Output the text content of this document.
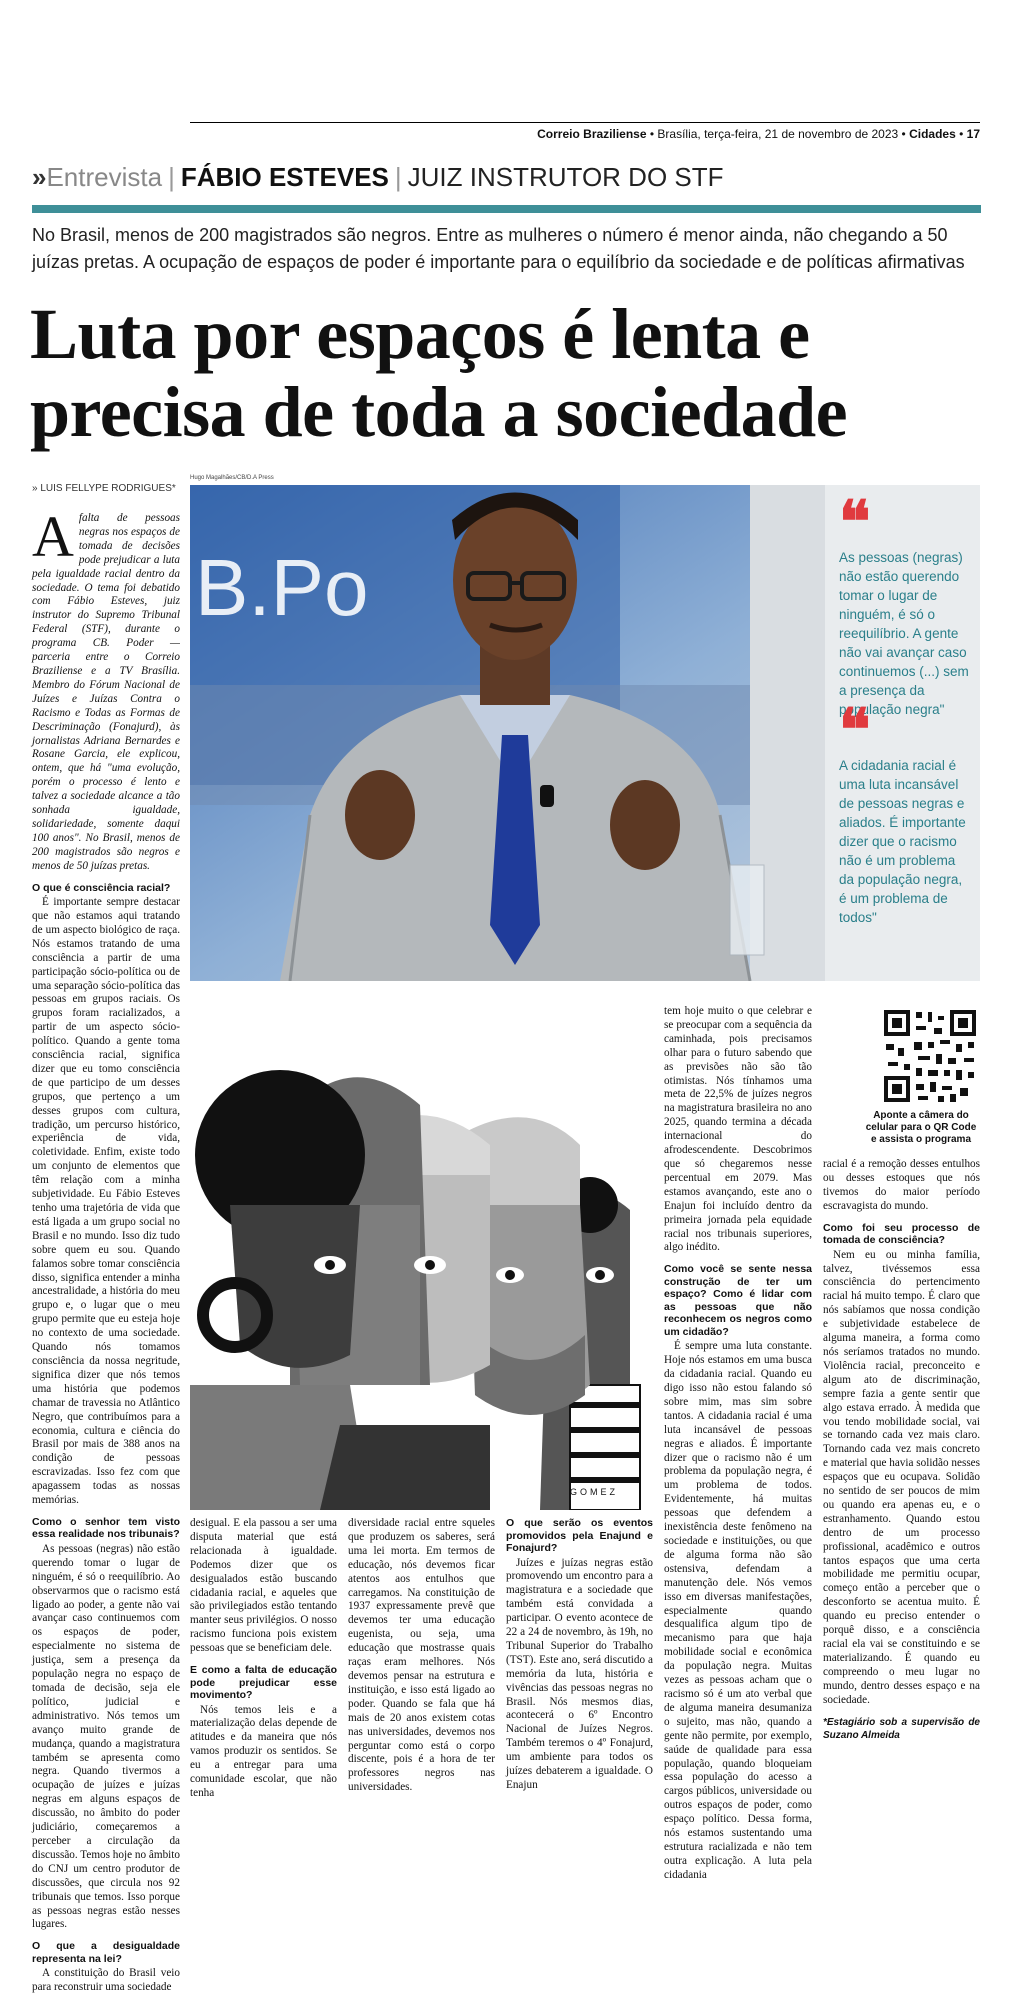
Correio Braziliense • Brasília, terça-feira, 21 de novembro de 2023 • Cidades • 17
»Entrevista | FÁBIO ESTEVES | JUIZ INSTRUTOR DO STF
No Brasil, menos de 200 magistrados são negros. Entre as mulheres o número é menor ainda, não chegando a 50 juízas pretas. A ocupação de espaços de poder é importante para o equilíbrio da sociedade e de políticas afirmativas
Luta por espaços é lenta e precisa de toda a sociedade
» LUIS FELLYPE RODRIGUES*
Hugo Magalhães/CB/D.A Press
B.Po
❛❛
As pessoas (negras) não estão querendo tomar o lugar de ninguém, é só o reequilíbrio. A gente não vai avançar caso continuemos (...) sem a presença da população negra"
❛❛
A cidadania racial é uma luta incansável de pessoas negras e aliados. É importante dizer que o racismo não é um problema da população negra, é um problema de todos"

Afalta de pessoas negras nos espaços de tomada de decisões pode prejudicar a luta pela igualdade racial dentro da sociedade. O tema foi debatido com Fábio Esteves, juiz instrutor do Supremo Tribunal Federal (STF), durante o programa CB. Poder — parceria entre o Correio Braziliense e a TV Brasília. Membro do Fórum Nacional de Juízes e Juízas Contra o Racismo e Todas as Formas de Descriminação (Fonajurd), às jornalistas Adriana Bernardes e Rosane Garcia, ele explicou, ontem, que há "uma evolução, porém o processo é lento e talvez a sociedade alcance a tão sonhada igualdade, solidariedade, somente daqui 100 anos". No Brasil, menos de 200 magistrados são negros e menos de 50 juízas pretas.

O que é consciência racial?

É importante sempre destacar que não estamos aqui tratando de um aspecto biológico de raça. Nós estamos tratando de uma consciência a partir de uma participação sócio-política ou de uma separação sócio-política das pessoas em grupos raciais. Os grupos foram racializados, a partir de um aspecto sócio-político. Quando a gente toma consciência racial, significa dizer que eu tomo consciência de que participo de um desses grupos, que pertenço a um desses grupos com cultura, tradição, um percurso histórico, experiência de vida, coletividade. Enfim, existe todo um conjunto de elementos que têm relação com a minha subjetividade. Eu Fábio Esteves tenho uma trajetória de vida que está ligada a um grupo social no Brasil e no mundo. Isso diz tudo sobre quem eu sou. Quando falamos sobre tomar consciência disso, significa entender a minha ancestralidade, a história do meu grupo e, o lugar que o meu grupo permite que eu esteja hoje no contexto de uma sociedade. Quando nós tomamos consciência da nossa negritude, significa dizer que nós temos uma história que podemos chamar de travessia no Atlântico Negro, que contribuímos para a economia, cultura e ciência do Brasil por mais de 388 anos na condição de pessoas escravizadas. Isso fez com que apagassem todas as nossas memórias.

Como o senhor tem visto essa realidade nos tribunais?

As pessoas (negras) não estão querendo tomar o lugar de ninguém, é só o reequilíbrio. Ao observarmos que o racismo está ligado ao poder, a gente não vai avançar caso continuemos com os espaços de poder, especialmente no sistema de justiça, sem a presença da população negra no espaço de tomada de decisão, seja ele político, judicial e administrativo. Nós temos um avanço muito grande de mudança, quando a magistratura também se apresenta como negra. Quando tivermos a ocupação de juízes e juízas negras em alguns espaços de discussão, no âmbito do poder judiciário, começaremos a perceber a circulação da discussão. Temos hoje no âmbito do CNJ um centro produtor de discussões, que circula nos 92 tribunais que temos. Isso porque as pessoas negras estão nesses lugares.

O que a desigualdade representa na lei?

A constituição do Brasil veio para reconstruir uma sociedade

GOMEZ

desigual. E ela passou a ser uma disputa material que está relacionada à igualdade. Podemos dizer que os desigualados estão buscando cidadania racial, e aqueles que são privilegiados estão tentando manter seus privilégios. O nosso racismo funciona pois existem pessoas que se beneficiam dele.

E como a falta de educação pode prejudicar esse movimento?

Nós temos leis e a materialização delas depende de atitudes e da maneira que nós vamos produzir os sentidos. Se eu a entregar para uma comunidade escolar, que não tenha

diversidade racial entre squeles que produzem os saberes, será uma lei morta. Em termos de educação, nós devemos ficar atentos aos entulhos que carregamos. Na constituição de 1937 expressamente prevê que devemos ter uma educação eugenista, ou seja, uma educação que mostrasse quais raças eram melhores. Nós devemos pensar na estrutura e instituição, e isso está ligado ao poder. Quando se fala que há mais de 20 anos existem cotas nas universidades, devemos nos perguntar como está o corpo discente, pois é a hora de ter professores negros nas universidades.

O que serão os eventos promovidos pela Enajund e Fonajurd?

Juízes e juízas negras estão promovendo um encontro para a magistratura e a sociedade que também está convidada a participar. O evento acontece de 22 a 24 de novembro, às 19h, no Tribunal Superior do Trabalho (TST). Este ano, será discutido a memória da luta, história e vivências das pessoas negras no Brasil. Nós mesmos dias, acontecerá o 6º Encontro Nacional de Juízes Negros. Também teremos o 4º Fonajurd, um ambiente para todos os juízes debaterem a igualdade. O Enajun

tem hoje muito o que celebrar e se preocupar com a sequência da caminhada, pois precisamos olhar para o futuro sabendo que as previsões não são tão otimistas. Nós tínhamos uma meta de 22,5% de juízes negros na magistratura brasileira no ano 2025, quando termina a década internacional do afrodescendente. Descobrimos que só chegaremos nesse percentual em 2079. Mas estamos avançando, este ano o Enajun foi incluído dentro da primeira jornada pela equidade racial nos tribunais superiores, algo inédito.

Como você se sente nessa construção de ter um espaço? Como é lidar com as pessoas que não reconhecem os negros como um cidadão?

É sempre uma luta constante. Hoje nós estamos em uma busca da cidadania racial. Quando eu digo isso não estou falando só sobre mim, mas sim sobre tantos. A cidadania racial é uma luta incansável de pessoas negras e aliados. É importante dizer que o racismo não é um problema da população negra, é um problema de todos. Evidentemente, há muitas pessoas que defendem a inexistência deste fenômeno na sociedade e instituições, ou que de alguma forma não são ostensiva, defendam a manutenção dele. Nós vemos isso em diversas manifestações, especialmente quando desqualifica algum tipo de mecanismo para que haja mobilidade social e econômica da população negra. Muitas vezes as pessoas acham que o racismo só é um ato verbal que de alguma maneira desumaniza o sujeito, mas não, quando a gente não permite, por exemplo, saúde de qualidade para essa população, quando bloqueiam essa população do acesso a cargos públicos, universidade ou outros espaços de poder, como espaço político. Dessa forma, nós estamos sustentando uma estrutura racializada e não tem outra explicação. A luta pela cidadania

Aponte a câmera do celular para o QR Code e assista o programa

racial é a remoção desses entulhos ou desses estoques que nós tivemos do maior período escravagista do mundo.

Como foi seu processo de tomada de consciência?

Nem eu ou minha família, talvez, tivéssemos essa consciência do pertencimento racial há muito tempo. É claro que nós sabíamos que nossa condição e subjetividade estabelece de alguma maneira, a forma como nós seríamos tratados no mundo. Violência racial, preconceito e algum ato de discriminação, sempre fazia a gente sentir que algo estava errado. À medida que vou tendo mobilidade social, vai se tornando cada vez mais claro. Tornando cada vez mais concreto e material que havia solidão nesses espaços que eu ocupava. Solidão no sentido de ser poucos de mim ou quando era apenas eu, e o estranhamento. Quando estou dentro de um processo profissional, acadêmico e outros tantos espaços que uma certa mobilidade me permitiu ocupar, começo então a perceber que o desconforto se acentua muito. É quando eu preciso entender o porquê disso, e a consciência racial ela vai se constituindo e se materializando. É quando eu compreendo o meu lugar no mundo, dentro desses espaço e na sociedade.

*Estagiário sob a supervisão de Suzano Almeida
